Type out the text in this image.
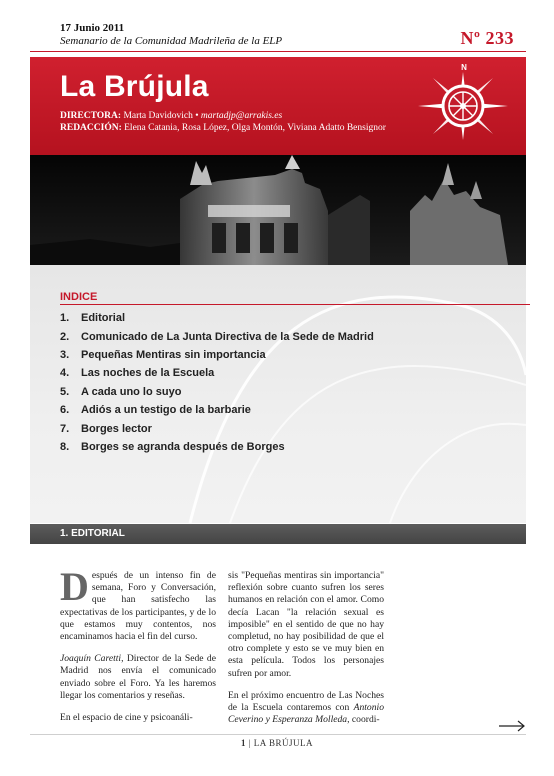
17 Junio 2011
Semanario de la Comunidad Madrileña de la ELP	Nº 233
La Brújula
DIRECTORA: Marta Davidovich • martadjp@arrakis.es
REDACCIÓN: Elena Catania, Rosa López, Olga Montón, Viviana Adatto Bensignor
N
INDICE
1.	Editorial
2.	Comunicado de La Junta Directiva de la Sede de Madrid
3.	Pequeñas Mentiras sin importancia
4.	Las noches de la Escuela
5.	A cada uno lo suyo
6.	Adiós a un testigo de la barbarie
7.	Borges lector
8.	Borges se agranda después de Borges
1. EDITORIAL

Después de un intenso fin de semana, Foro y Conversación, que han satisfecho las expectativas de los participantes, y de lo que estamos muy contentos, nos encaminamos hacia el fin del curso.

Joaquín Caretti, Director de la Sede de Madrid nos envía el comunicado enviado sobre el Foro. Ya les haremos llegar los comentarios y reseñas.

En el espacio de cine y psicoanáli-

sis "Pequeñas mentiras sin importancia" reflexión sobre cuanto sufren los seres humanos en relación con el amor. Como decía Lacan "la relación sexual es imposible" en el sentido de que no hay completud, no hay posibilidad de que el otro complete y esto se ve muy bien en esta película. Todos los personajes sufren por amor.

En el próximo encuentro de Las Noches de la Escuela contaremos con Antonio Ceverino y Esperanza Molleda, coordi-

1 | LA BRÚJULA
